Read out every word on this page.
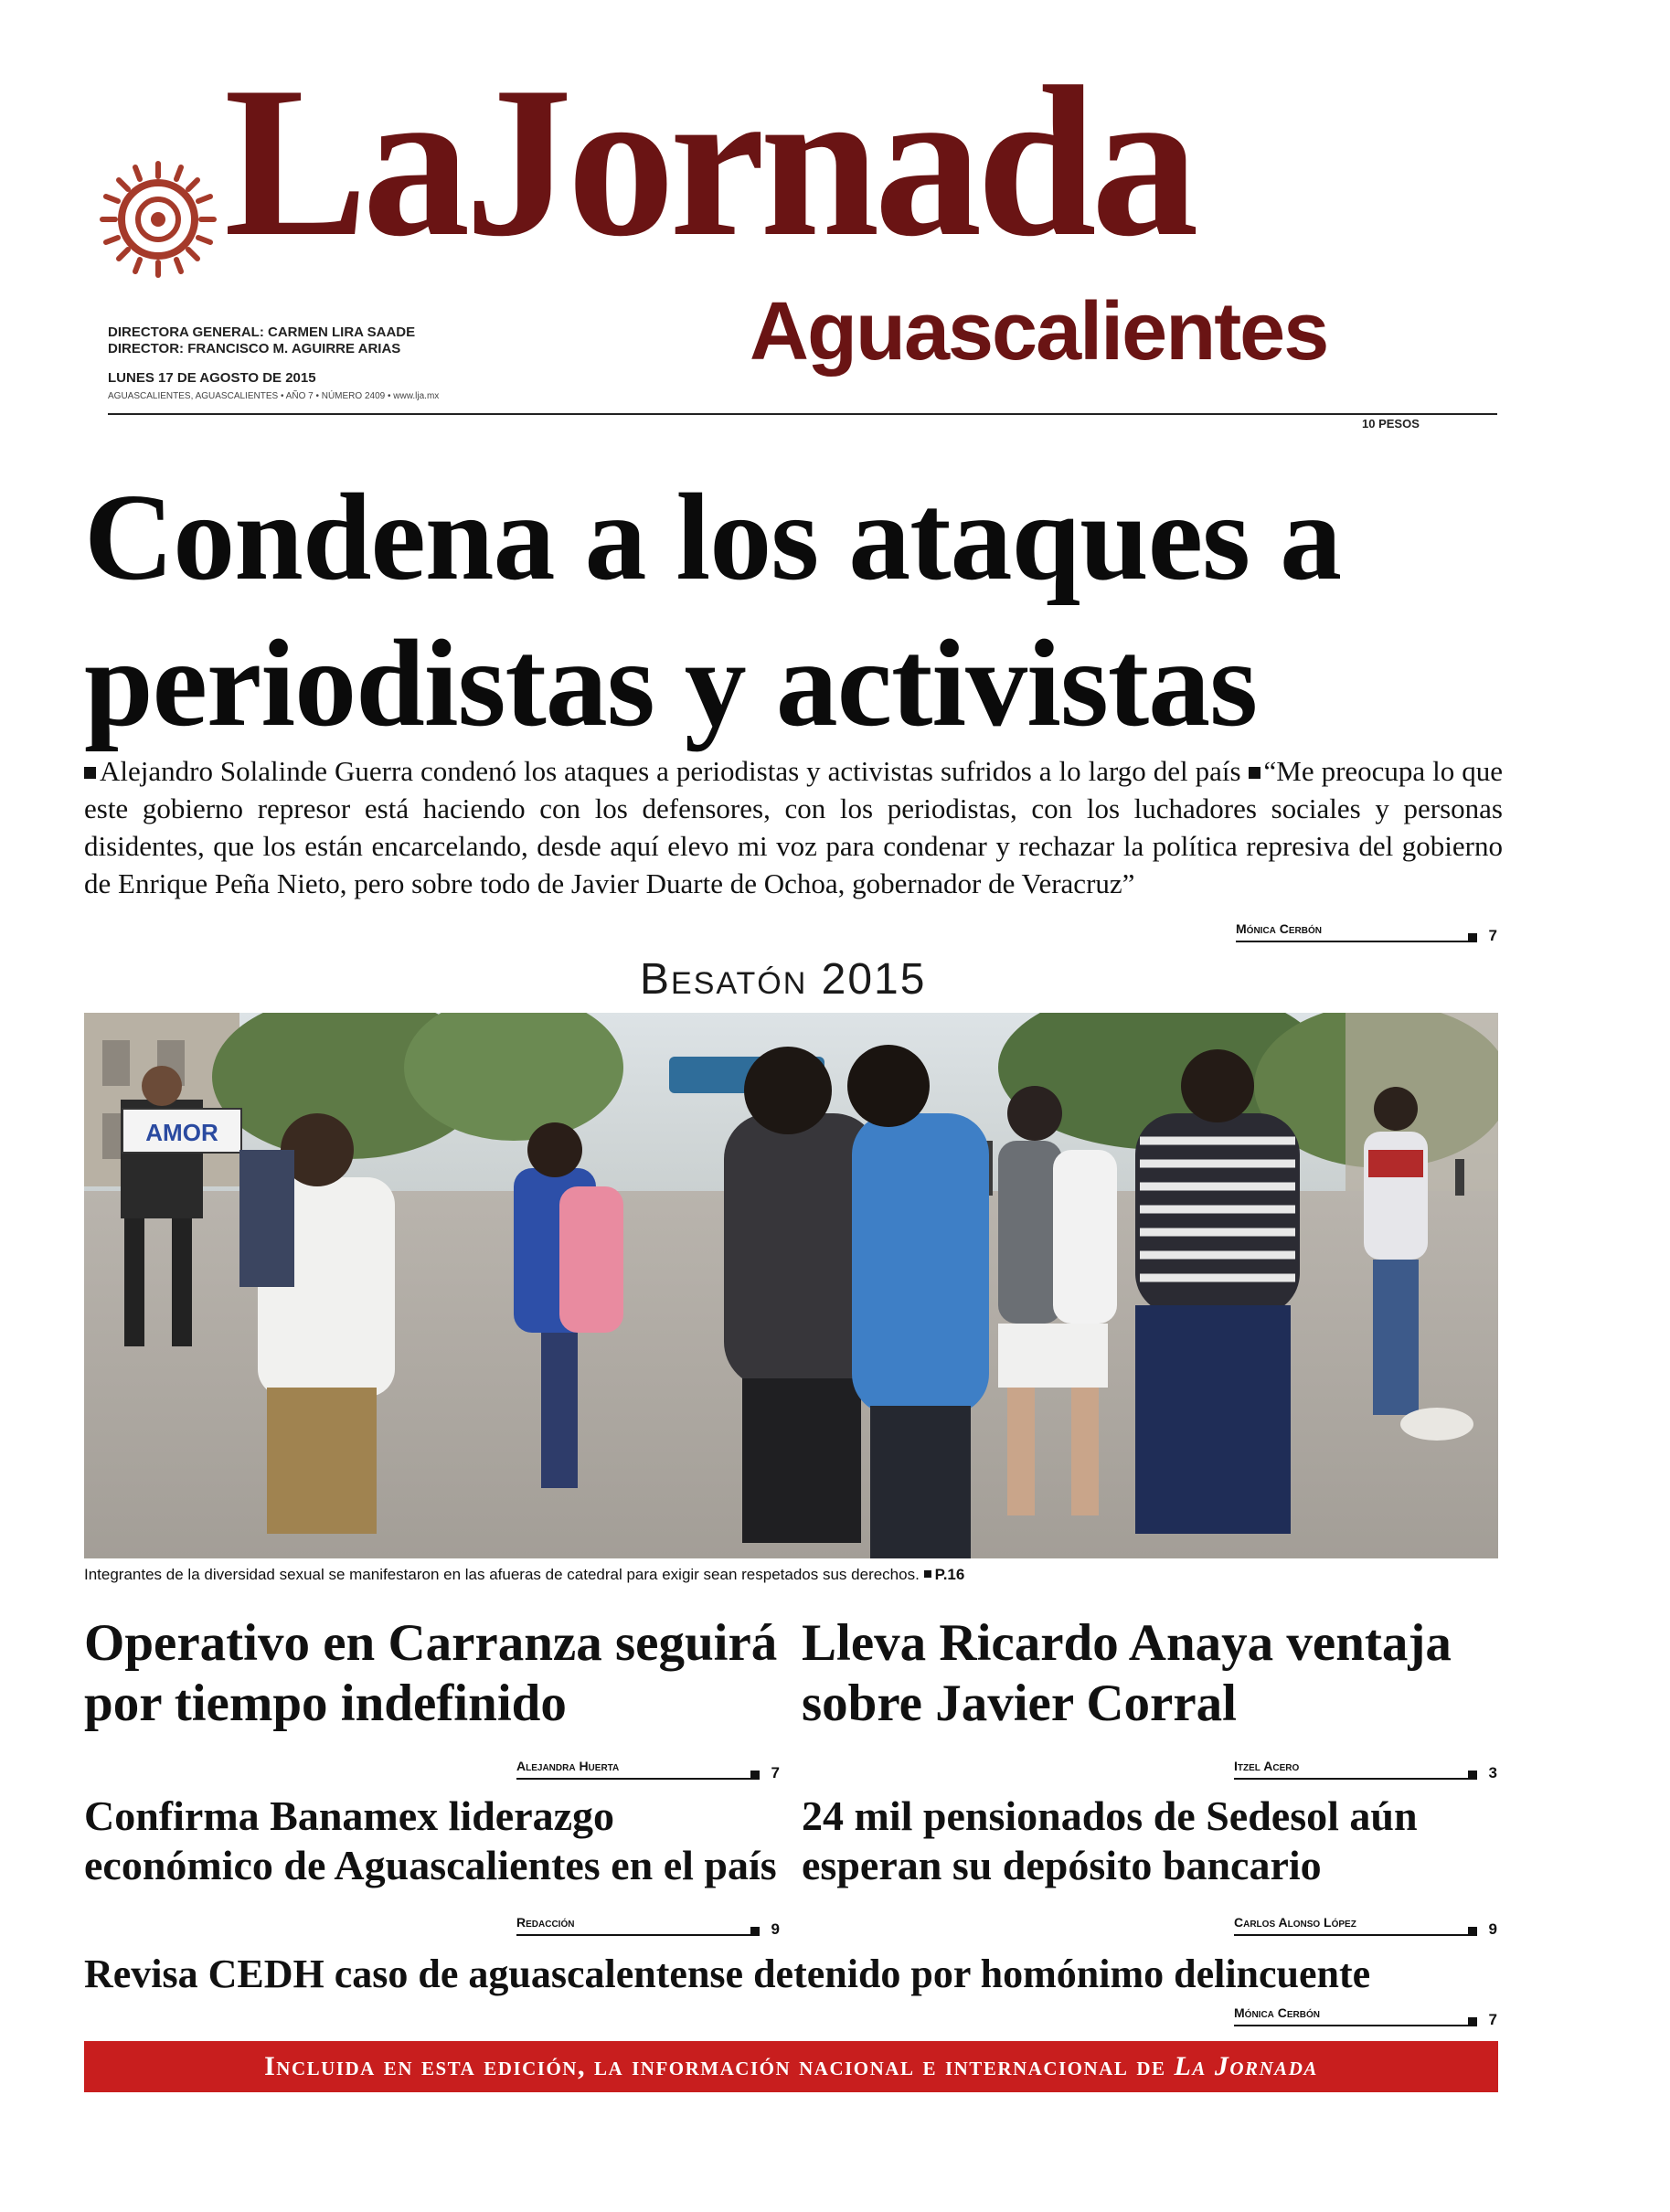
LaJornada
Aguascalientes
DIRECTORA GENERAL: CARMEN LIRA SAADE
DIRECTOR: FRANCISCO M. AGUIRRE ARIAS
LUNES 17 DE AGOSTO DE 2015
AGUASCALIENTES, AGUASCALIENTES • AÑO 7 • NÚMERO 2409 • www.lja.mx
10 PESOS
Condena a los ataques a
periodistas y activistas

Alejandro Solalinde Guerra condenó los ataques a periodistas y activistas sufridos a lo largo del país “Me preocupa lo que este gobierno represor está haciendo con los defensores, con los periodistas, con los luchadores sociales y personas disidentes, que los están encarcelando, desde aquí elevo mi voz para condenar y rechazar la política represiva del gobierno de Enrique Peña Nieto, pero sobre todo de Javier Duarte de Ochoa, gobernador de Veracruz”

Mónica Cerbón	7
Besatón 2015
AMOR
Integrantes de la diversidad sexual se manifestaron en las afueras de catedral para exigir sean respetados sus derechos. P.16
Operativo en Carranza seguirá por tiempo indefinido
Alejandra Huerta	7
Lleva Ricardo Anaya ventaja sobre Javier Corral
Itzel Acero	3
Confirma Banamex liderazgo económico de Aguascalientes en el país
Redacción	9
24 mil pensionados de Sedesol aún esperan su depósito bancario
Carlos Alonso López	9
Revisa CEDH caso de aguascalentense detenido por homónimo delincuente
Mónica Cerbón	7
Incluida en esta edición, la información nacional e internacional de La Jornada
